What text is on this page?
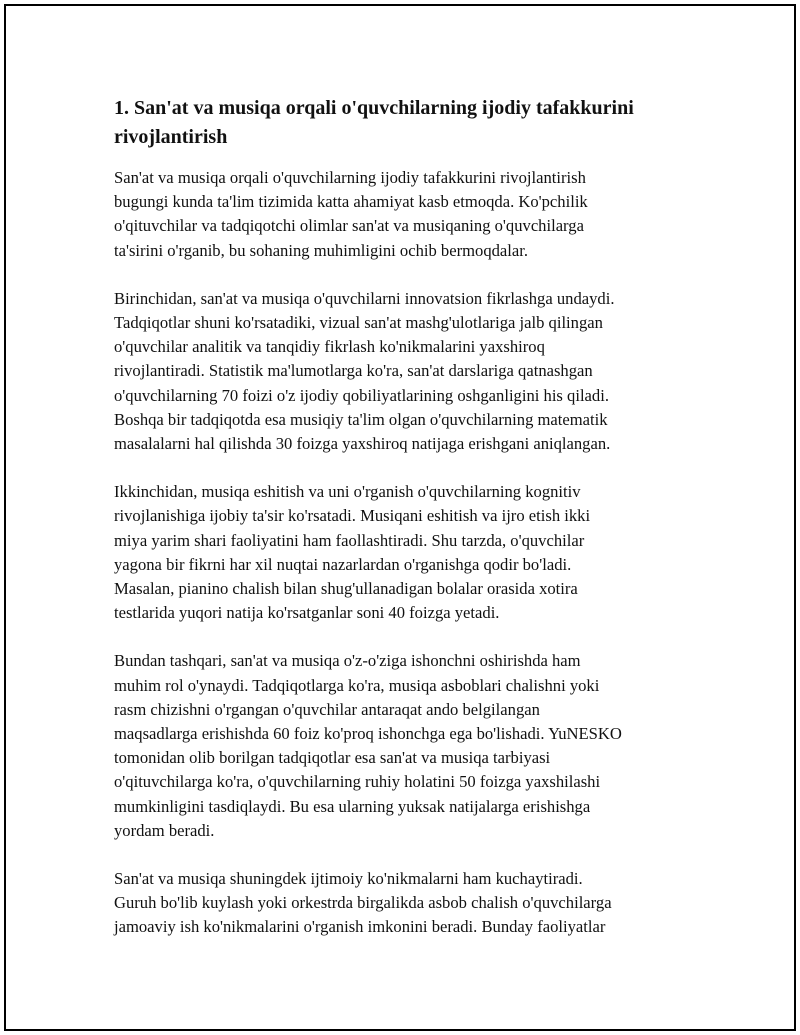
1. San'at va musiqa orqali o'quvchilarning ijodiy tafakkurini
rivojlantirish

San'at va musiqa orqali o'quvchilarning ijodiy tafakkurini rivojlantirish
bugungi kunda ta'lim tizimida katta ahamiyat kasb etmoqda. Ko'pchilik
o'qituvchilar va tadqiqotchi olimlar san'at va musiqaning o'quvchilarga
ta'sirini o'rganib, bu sohaning muhimligini ochib bermoqdalar.

Birinchidan, san'at va musiqa o'quvchilarni innovatsion fikrlashga undaydi.
Tadqiqotlar shuni ko'rsatadiki, vizual san'at mashg'ulotlariga jalb qilingan
o'quvchilar analitik va tanqidiy fikrlash ko'nikmalarini yaxshiroq
rivojlantiradi. Statistik ma'lumotlarga ko'ra, san'at darslariga qatnashgan
o'quvchilarning 70 foizi o'z ijodiy qobiliyatlarining oshganligini his qiladi.
Boshqa bir tadqiqotda esa musiqiy ta'lim olgan o'quvchilarning matematik
masalalarni hal qilishda 30 foizga yaxshiroq natijaga erishgani aniqlangan.

Ikkinchidan, musiqa eshitish va uni o'rganish o'quvchilarning kognitiv
rivojlanishiga ijobiy ta'sir ko'rsatadi. Musiqani eshitish va ijro etish ikki
miya yarim shari faoliyatini ham faollashtiradi. Shu tarzda, o'quvchilar
yagona bir fikrni har xil nuqtai nazarlardan o'rganishga qodir bo'ladi.
Masalan, pianino chalish bilan shug'ullanadigan bolalar orasida xotira
testlarida yuqori natija ko'rsatganlar soni 40 foizga yetadi.

Bundan tashqari, san'at va musiqa o'z-o'ziga ishonchni oshirishda ham
muhim rol o'ynaydi. Tadqiqotlarga ko'ra, musiqa asboblari chalishni yoki
rasm chizishni o'rgangan o'quvchilar antaraqat ando belgilangan
maqsadlarga erishishda 60 foiz ko'proq ishonchga ega bo'lishadi. YuNESKO
tomonidan olib borilgan tadqiqotlar esa san'at va musiqa tarbiyasi
o'qituvchilarga ko'ra, o'quvchilarning ruhiy holatini 50 foizga yaxshilashi
mumkinligini tasdiqlaydi. Bu esa ularning yuksak natijalarga erishishga
yordam beradi.

San'at va musiqa shuningdek ijtimoiy ko'nikmalarni ham kuchaytiradi.
Guruh bo'lib kuylash yoki orkestrda birgalikda asbob chalish o'quvchilarga
jamoaviy ish ko'nikmalarini o'rganish imkonini beradi. Bunday faoliyatlar
